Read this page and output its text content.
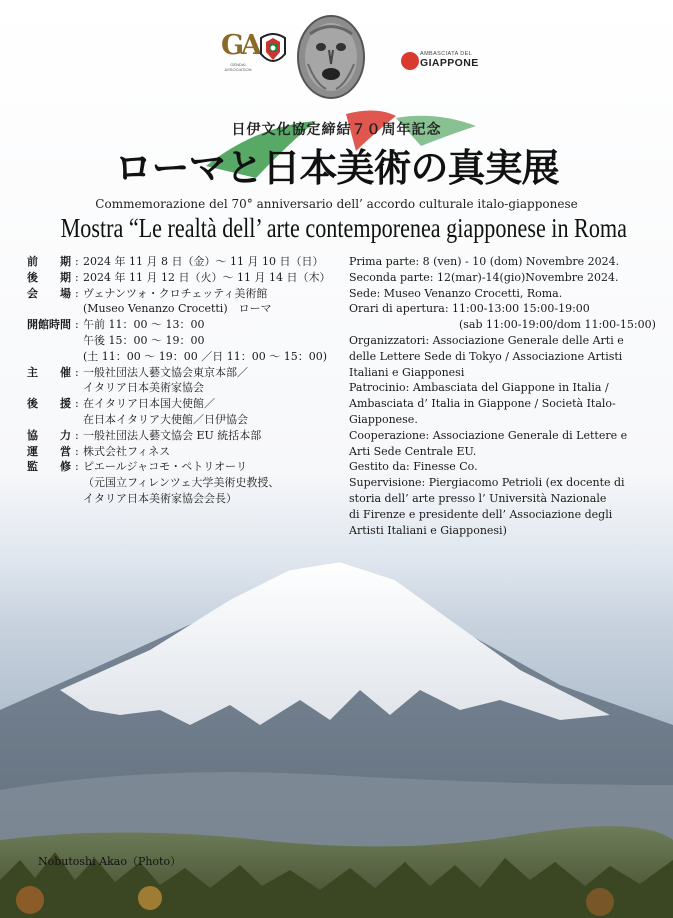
GA
GENDAI ASSOCIATION
AMBASCIATA DEL
GIAPPONE
日伊文化協定締結７０周年記念
ローマと日本美術の真実展
Commemorazione del 70° anniversario dell’ accordo culturale italo-giapponese
Mostra “Le realtà dell’ arte contemporenea giapponese in Roma
前　　期 : 2024 年 11 月 8 日（金）～ 11 月 10 日（日）
後　　期 : 2024 年 11 月 12 日（火）～ 11 月 14 日（木）
会　　場 : ヴェナンツォ・クロチェッティ美術館
(Museo Venanzo Crocetti)　ローマ
開館時間 : 午前 11：00 ～ 13：00
午後 15：00 ～ 19：00
(土 11：00 ～ 19：00 ／日 11：00 ～ 15：00)
主　　催 : 一般社団法人藝文協会東京本部／
イタリア日本美術家協会
後　　援 : 在イタリア日本国大使館／
在日本イタリア大使館／日伊協会
協　　力 : 一般社団法人藝文協会 EU 統括本部
運　　営 : 株式会社フィネス
監　　修 : ピエールジャコモ・ペトリオーリ
（元国立フィレンツェ大学美術史教授、
イタリア日本美術家協会会長）
Prima parte: 8 (ven) - 10 (dom) Novembre 2024.
Seconda parte: 12(mar)-14(gio)Novembre 2024.
Sede: Museo Venanzo Crocetti, Roma.
Orari di apertura: 11:00-13:00 15:00-19:00
(sab 11:00-19:00/dom 11:00-15:00)
Organizzatori: Associazione Generale delle Arti e
delle Lettere Sede di Tokyo / Associazione Artisti
Italiani e Giapponesi
Patrocinio: Ambasciata del Giappone in Italia /
Ambasciata d’ Italia in Giappone / Società Italo-
Giapponese.
Cooperazione: Associazione Generale di Lettere e
Arti Sede Centrale EU.
Gestito da: Finesse Co.
Supervisione: Piergiacomo Petrioli (ex docente di
storia dell’ arte presso l’ Università Nazionale
di Firenze e presidente dell’ Associazione degli
Artisti Italiani e Giapponesi)
Nobutoshi Akao（Photo）
